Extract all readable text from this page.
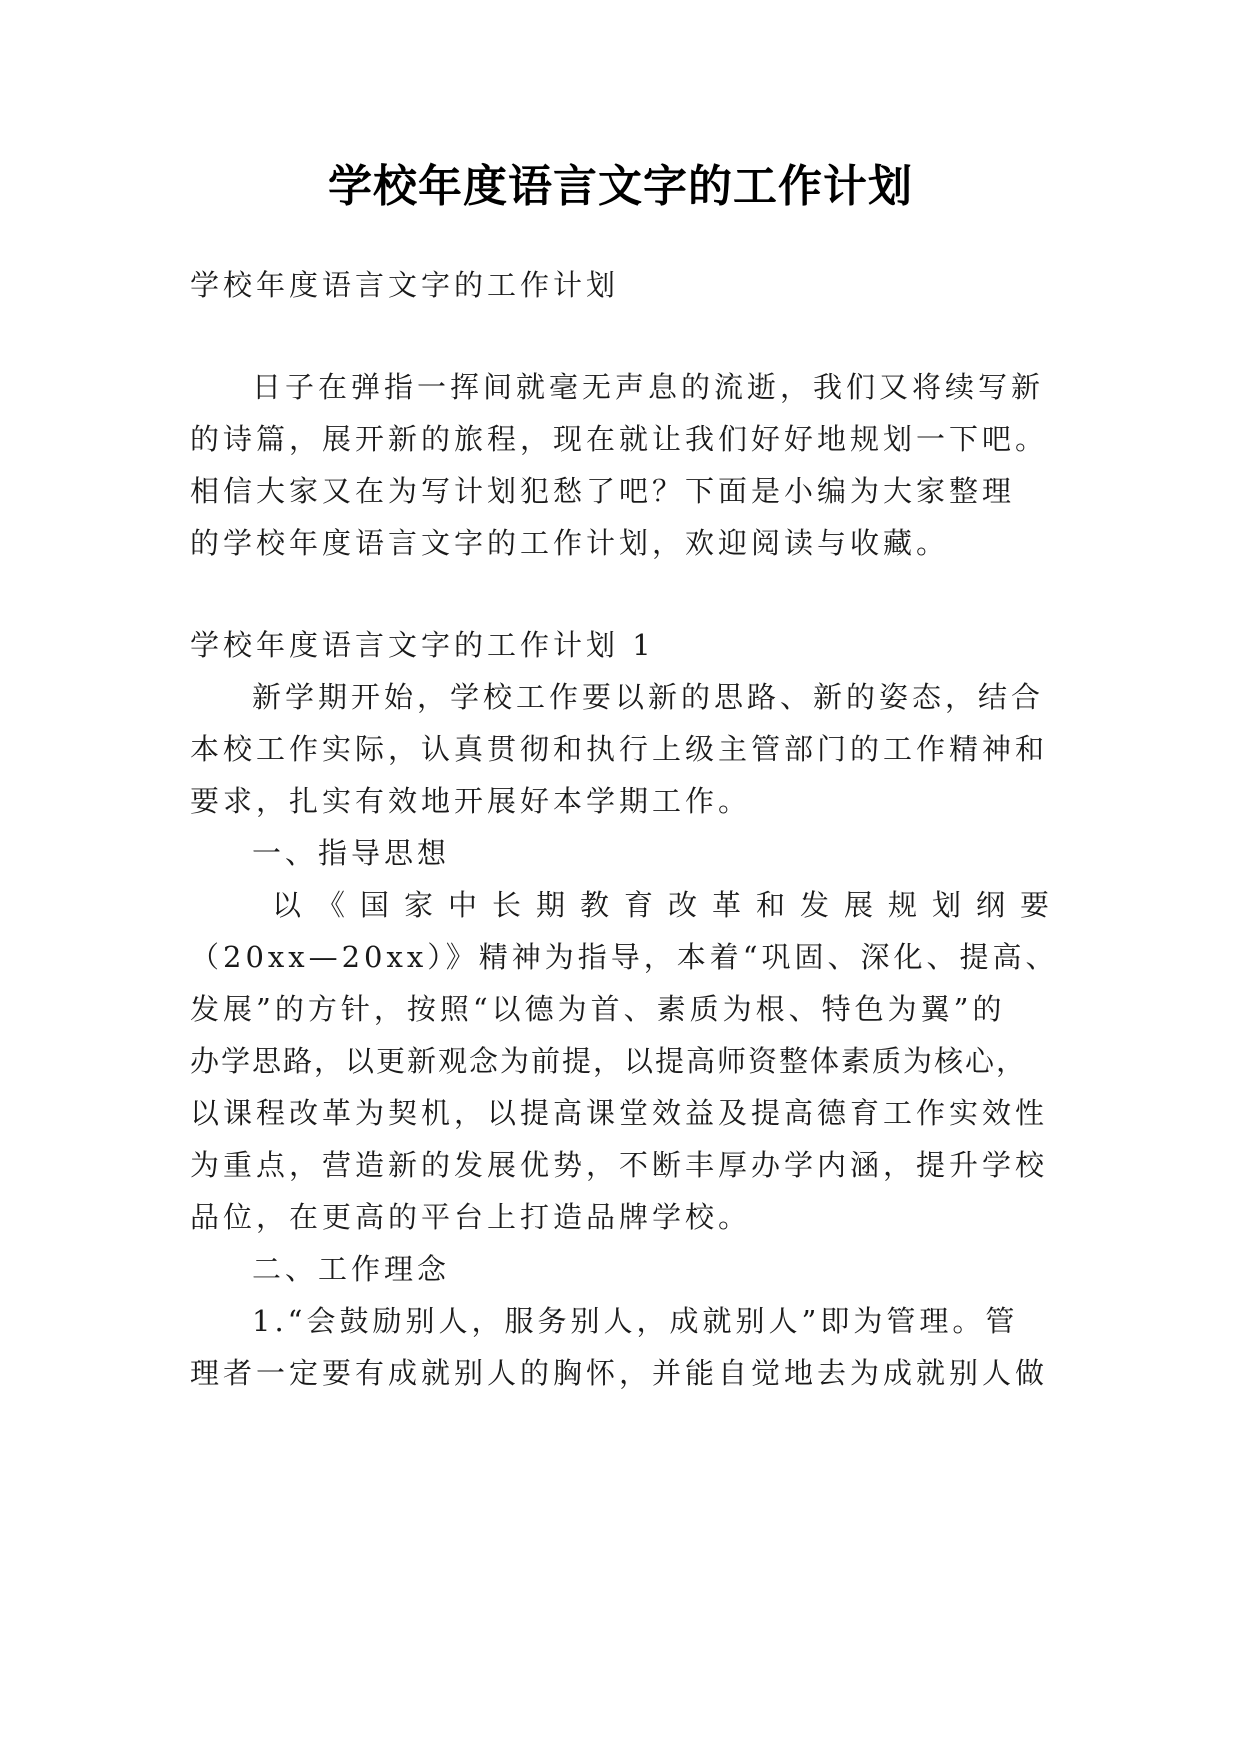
学校年度语言文字的工作计划

学校年度语言文字的工作计划

日子在弹指一挥间就毫无声息的流逝，我们又将续写新

的诗篇，展开新的旅程，现在就让我们好好地规划一下吧。

相信大家又在为写计划犯愁了吧？下面是小编为大家整理

的学校年度语言文字的工作计划，欢迎阅读与收藏。

学校年度语言文字的工作计划 1

新学期开始，学校工作要以新的思路、新的姿态，结合

本校工作实际，认真贯彻和执行上级主管部门的工作精神和

要求，扎实有效地开展好本学期工作。

一、指导思想

以《国家中长期教育改革和发展规划纲要

（20xx—20xx）》精神为指导，本着“巩固、深化、提高、

发展”的方针，按照“以德为首、素质为根、特色为翼”的

办学思路，以更新观念为前提，以提高师资整体素质为核心，

以课程改革为契机，以提高课堂效益及提高德育工作实效性

为重点，营造新的发展优势，不断丰厚办学内涵，提升学校

品位，在更高的平台上打造品牌学校。

二、工作理念

1.“会鼓励别人，服务别人，成就别人”即为管理。管

理者一定要有成就别人的胸怀，并能自觉地去为成就别人做
